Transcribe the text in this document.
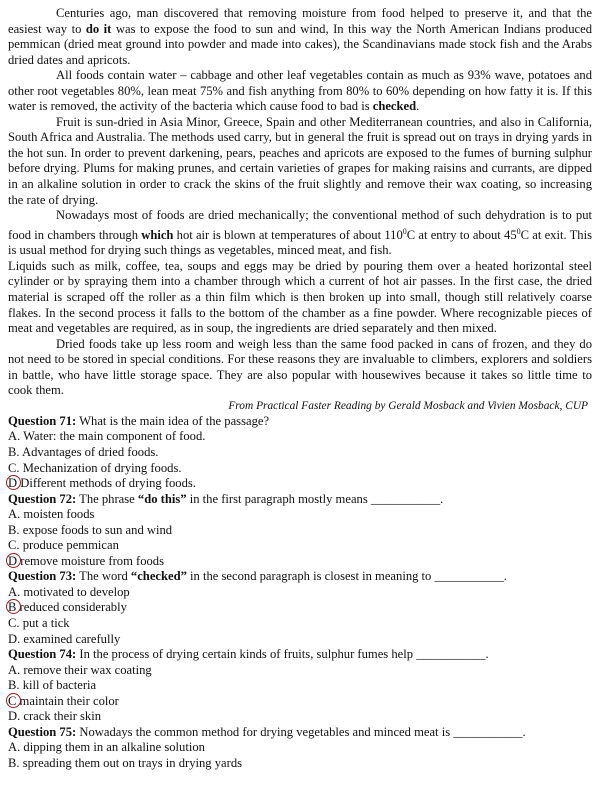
Centuries ago, man discovered that removing moisture from food helped to preserve it, and that the easiest way to do it was to expose the food to sun and wind, In this way the North American Indians produced pemmican (dried meat ground into powder and made into cakes), the Scandinavians made stock fish and the Arabs dried dates and apricots.

All foods contain water – cabbage and other leaf vegetables contain as much as 93% wave, potatoes and other root vegetables 80%, lean meat 75% and fish anything from 80% to 60% depending on how fatty it is. If this water is removed, the activity of the bacteria which cause food to bad is checked.

Fruit is sun-dried in Asia Minor, Greece, Spain and other Mediterranean countries, and also in California, South Africa and Australia. The methods used carry, but in general the fruit is spread out on trays in drying yards in the hot sun. In order to prevent darkening, pears, peaches and apricots are exposed to the fumes of burning sulphur before drying. Plums for making prunes, and certain varieties of grapes for making raisins and currants, are dipped in an alkaline solution in order to crack the skins of the fruit slightly and remove their wax coating, so increasing the rate of drying.

Nowadays most of foods are dried mechanically; the conventional method of such dehydration is to put food in chambers through which hot air is blown at temperatures of about $110^0C$ at entry to about $45^0C$ at exit. This is usual method for drying such things as vegetables, minced meat, and fish.

Liquids such as milk, coffee, tea, soups and eggs may be dried by pouring them over a heated horizontal steel cylinder or by spraying them into a chamber through which a current of hot air passes. In the first case, the dried material is scraped off the roller as a thin film which is then broken up into small, though still relatively coarse flakes. In the second process it falls to the bottom of the chamber as a fine powder. Where recognizable pieces of meat and vegetables are required, as in soup, the ingredients are dried separately and then mixed.

Dried foods take up less room and weigh less than the same food packed in cans of frozen, and they do not need to be stored in special conditions. For these reasons they are invaluable to climbers, explorers and soldiers in battle, who have little storage space. They are also popular with housewives because it takes so little time to cook them.

From Practical Faster Reading by Gerald Mosback and Vivien Mosback, CUP

Question 71: What is the main idea of the passage?

A. Water: the main component of food.

B. Advantages of dried foods.

C. Mechanization of drying foods.

D Different methods of drying foods.

Question 72: The phrase “do this” in the first paragraph mostly means ___________.

A. moisten foods

B. expose foods to sun and wind

C. produce pemmican

D remove moisture from foods

Question 73: The word “checked” in the second paragraph is closest in meaning to ___________.

A. motivated to develop

B reduced considerably

C. put a tick

D. examined carefully

Question 74: In the process of drying certain kinds of fruits, sulphur fumes help ___________.

A. remove their wax coating

B. kill of bacteria

C maintain their color

D. crack their skin

Question 75: Nowadays the common method for drying vegetables and minced meat is ___________.

A. dipping them in an alkaline solution

B. spreading them out on trays in drying yards
